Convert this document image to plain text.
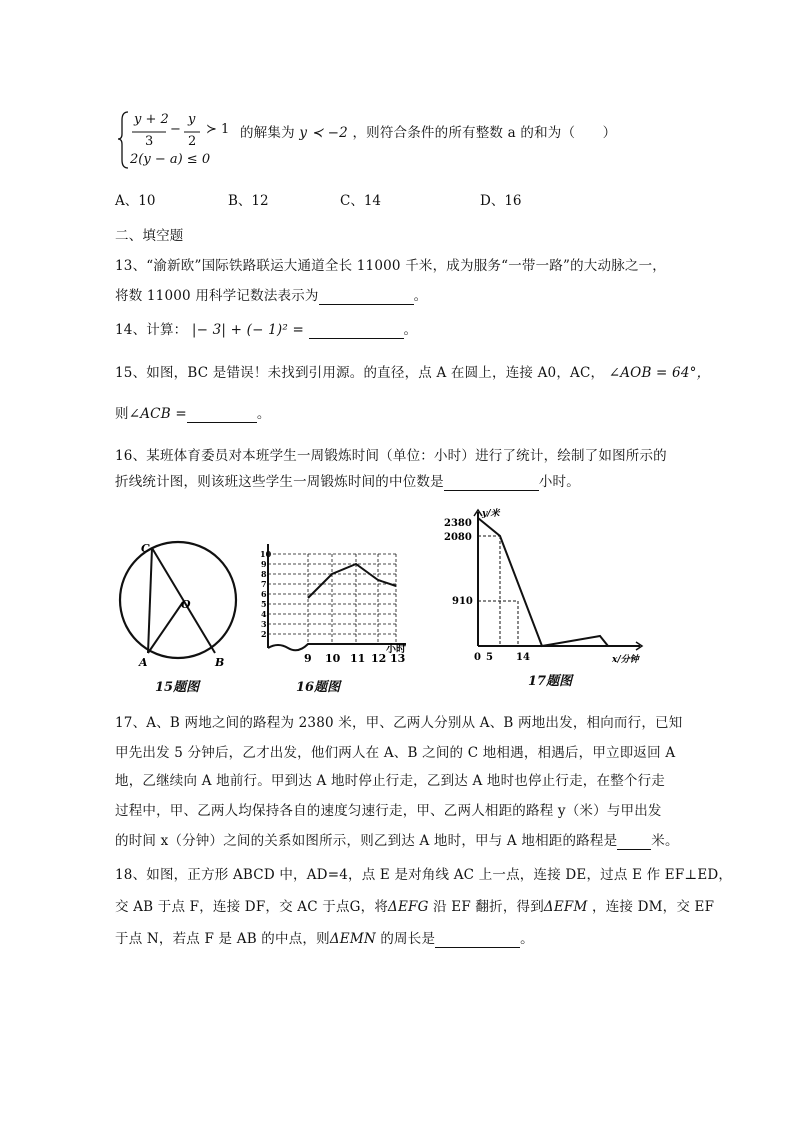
y + 2
3
−
y
2
≻ 1
2(y − a) ≤ 0
的解集为 y ≺ −2 ，则符合条件的所有整数 a 的和为（　　）
A、10	B、12	C、14	D、16
二、填空题
13、“渝新欧”国际铁路联运大通道全长 11000 千米，成为服务“一带一路”的大动脉之一，
将数 11000 用科学记数法表示为	。
14、计算： |− 3| + (− 1)² =	。
15、如图，BC 是错误！未找到引用源。的直径，点 A 在圆上，连接 A0，AC， ∠AOB = 64°，
则∠ACB =	。
16、某班体育委员对本班学生一周锻炼时间（单位：小时）进行了统计，绘制了如图所示的
折线统计图，则该班这些学生一周锻炼时间的中位数是	小时。
C
O
A	B
15题图
10
9
8
7
6
5
4
3
2
9 10 11 12 13
小时
16题图
2380
2080
910
0 5 14
y/米
x/分钟
17题图
17、A、B 两地之间的路程为 2380 米，甲、乙两人分别从 A、B 两地出发，相向而行，已知
甲先出发 5 分钟后，乙才出发，他们两人在 A、B 之间的 C 地相遇，相遇后，甲立即返回 A
地，乙继续向 A 地前行。甲到达 A 地时停止行走，乙到达 A 地时也停止行走，在整个行走
过程中，甲、乙两人均保持各自的速度匀速行走，甲、乙两人相距的路程 y（米）与甲出发
的时间 x（分钟）之间的关系如图所示，则乙到达 A 地时，甲与 A 地相距的路程是	米。
18、如图，正方形 ABCD 中，AD=4，点 E 是对角线 AC 上一点，连接 DE，过点 E 作 EF⊥ED，
交 AB 于点 F，连接 DF，交 AC 于点G，将ΔEFG 沿 EF 翻折，得到ΔEFM ，连接 DM，交 EF
于点 N，若点 F 是 AB 的中点，则ΔEMN 的周长是	。
